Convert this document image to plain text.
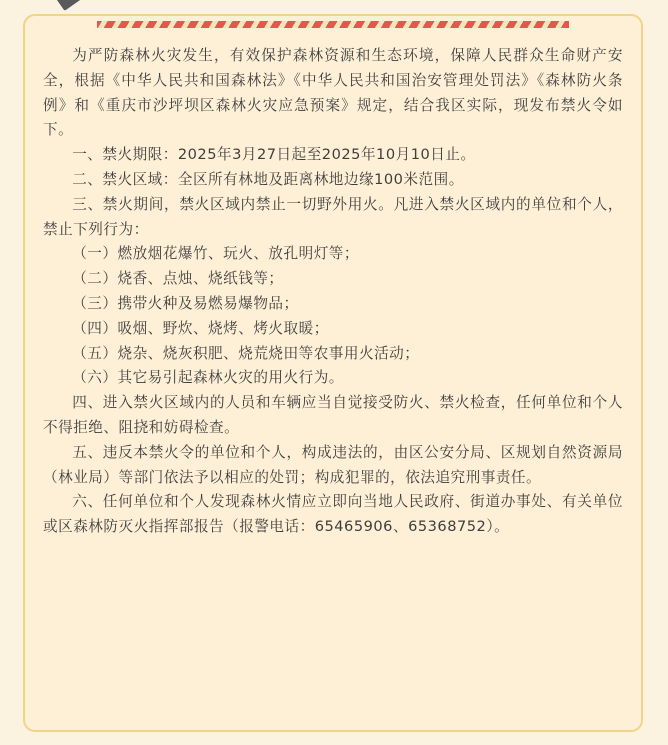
为严防森林火灾发生，有效保护森林资源和生态环境，保障人民群众生命财产安全，根据《中华人民共和国森林法》《中华人民共和国治安管理处罚法》《森林防火条例》和《重庆市沙坪坝区森林火灾应急预案》规定，结合我区实际，现发布禁火令如下。

一、禁火期限：2025年3月27日起至2025年10月10日止。

二、禁火区域：全区所有林地及距离林地边缘100米范围。

三、禁火期间，禁火区域内禁止一切野外用火。凡进入禁火区域内的单位和个人，禁止下列行为：

（一）燃放烟花爆竹、玩火、放孔明灯等；

（二）烧香、点烛、烧纸钱等；

（三）携带火种及易燃易爆物品；

（四）吸烟、野炊、烧烤、烤火取暖；

（五）烧杂、烧灰积肥、烧荒烧田等农事用火活动；

（六）其它易引起森林火灾的用火行为。

四、进入禁火区域内的人员和车辆应当自觉接受防火、禁火检查，任何单位和个人不得拒绝、阻挠和妨碍检查。

五、违反本禁火令的单位和个人，构成违法的，由区公安分局、区规划自然资源局（林业局）等部门依法予以相应的处罚；构成犯罪的，依法追究刑事责任。

六、任何单位和个人发现森林火情应立即向当地人民政府、街道办事处、有关单位或区森林防灭火指挥部报告（报警电话：65465906、65368752）。
